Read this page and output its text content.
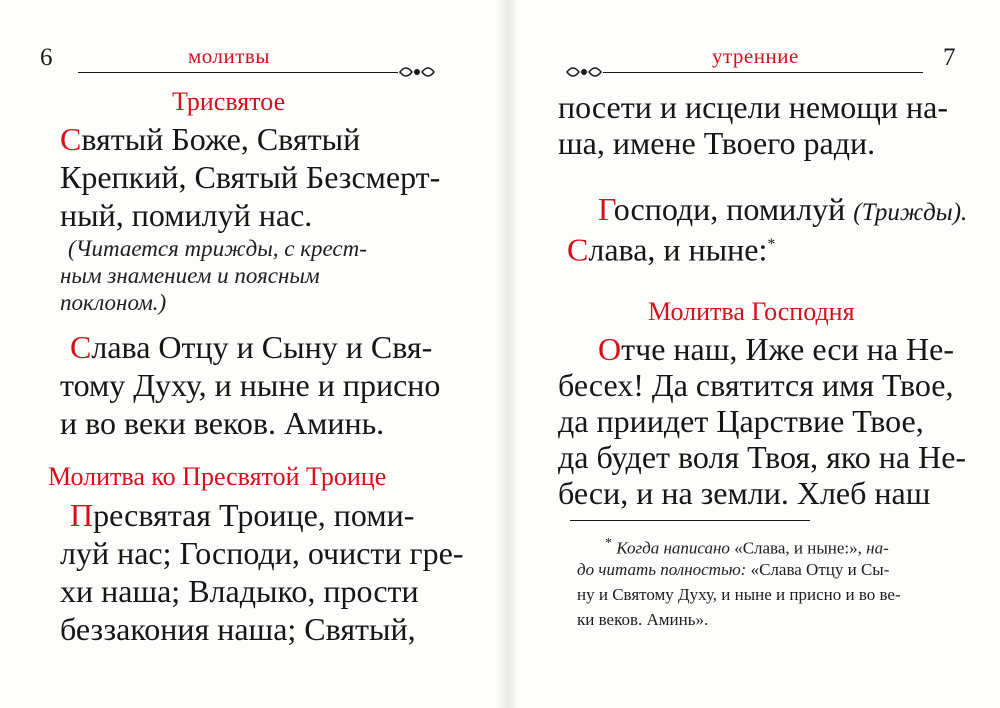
6	молитвы
Трисвятое
Святый Боже, Святый
Крепкий, Святый Безсмерт-
ный, помилуй нас.
(Читается трижды, с крест-
ным знамением и поясным
поклоном.)
Слава Отцу и Сыну и Свя-
тому Духу, и ныне и присно
и во веки веков. Аминь.
Молитва ко Пресвятой Троице
Пресвятая Троице, поми-
луй нас; Господи, очисти гре-
хи наша; Владыко, прости
беззакония наша; Святый,
утренние	7
посети и исцели немощи на-
ша, имене Твоего ради.
Господи, помилуй (Трижды).
Слава, и ныне:*
Молитва Господня
Отче наш, Иже еси на Не-
бесех! Да святится имя Твое,
да приидет Царствие Твое,
да будет воля Твоя, яко на Не-
беси, и на земли. Хлеб наш
* Когда написано «Слава, и ныне:», на-
до читать полностью: «Слава Отцу и Сы-
ну и Святому Духу, и ныне и присно и во ве-
ки веков. Аминь».
